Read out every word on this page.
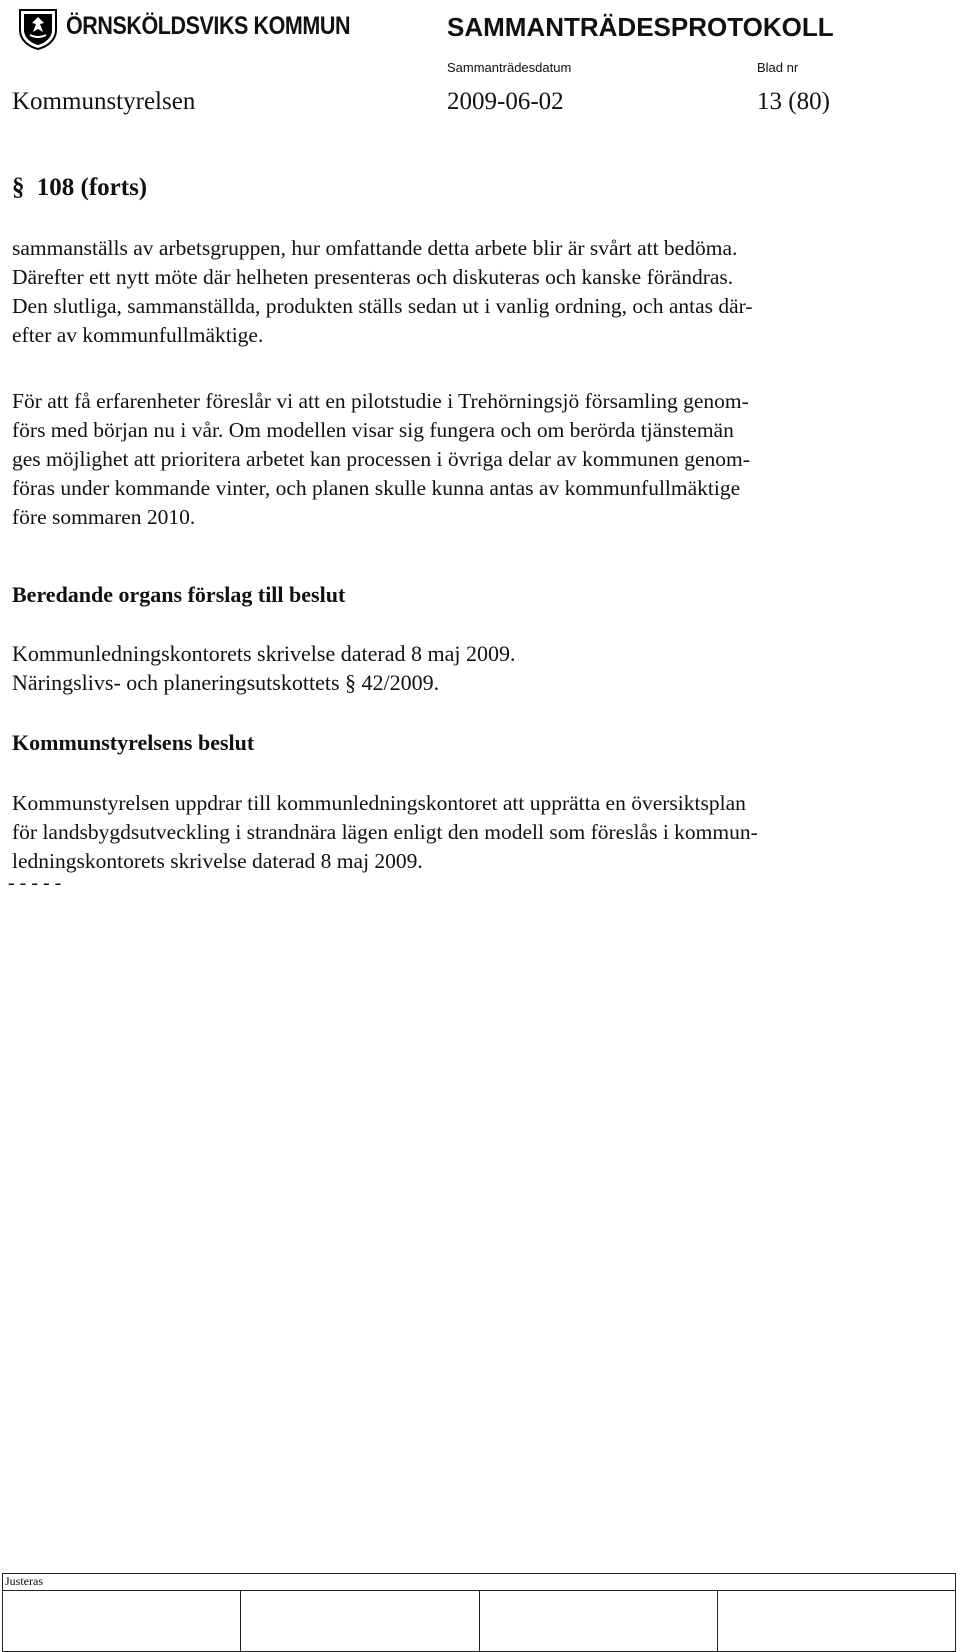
ÖRNSKÖLDSVIKS KOMMUN	SAMMANTRÄDESPROTOKOLL
Sammanträdesdatum	Blad nr
Kommunstyrelsen	2009-06-02	13 (80)
§ 108 (forts)

sammanställs av arbetsgruppen, hur omfattande detta arbete blir är svårt att bedöma.

Därefter ett nytt möte där helheten presenteras och diskuteras och kanske förändras.

Den slutliga, sammanställda, produkten ställs sedan ut i vanlig ordning, och antas där-

efter av kommunfullmäktige.

För att få erfarenheter föreslår vi att en pilotstudie i Trehörningsjö församling genom-

förs med början nu i vår. Om modellen visar sig fungera och om berörda tjänstemän

ges möjlighet att prioritera arbetet kan processen i övriga delar av kommunen genom-

föras under kommande vinter, och planen skulle kunna antas av kommunfullmäktige

före sommaren 2010.

Beredande organs förslag till beslut
Kommunledningskontorets skrivelse daterad 8 maj 2009.
Näringslivs- och planeringsutskottets § 42/2009.
Kommunstyrelsens beslut

Kommunstyrelsen uppdrar till kommunledningskontoret att upprätta en översiktsplan

för landsbygdsutveckling i strandnära lägen enligt den modell som föreslås i kommun-

ledningskontorets skrivelse daterad 8 maj 2009.

- - - - -
Justeras
